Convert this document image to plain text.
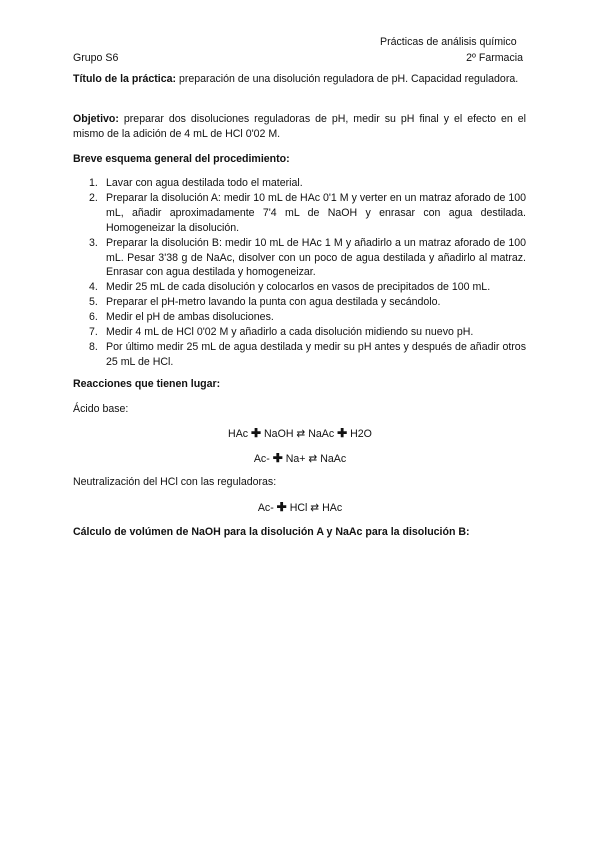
Prácticas de análisis químico
Grupo S6	2º Farmacia
Título de la práctica: preparación de una disolución reguladora de pH. Capacidad reguladora.
Objetivo: preparar dos disoluciones reguladoras de pH, medir su pH final y el efecto en el mismo de la adición de 4 mL de HCl 0'02 M.
Breve esquema general del procedimiento:
1. Lavar con agua destilada todo el material.
2. Preparar la disolución A: medir 10 mL de HAc 0'1 M y verter en un matraz aforado de 100 mL, añadir aproximadamente 7'4 mL de NaOH y enrasar con agua destilada. Homogeneizar la disolución.
3. Preparar la disolución B: medir 10 mL de HAc 1 M y añadirlo a un matraz aforado de 100 mL. Pesar 3'38 g de NaAc, disolver con un poco de agua destilada y añadirlo al matraz. Enrasar con agua destilada y homogeneizar.
4. Medir 25 mL de cada disolución y colocarlos en vasos de precipitados de 100 mL.
5. Preparar el pH-metro lavando la punta con agua destilada y secándolo.
6. Medir el pH de ambas disoluciones.
7. Medir 4 mL de HCl 0'02 M y añadirlo a cada disolución midiendo su nuevo pH.
8. Por último medir 25 mL de agua destilada y medir su pH antes y después de añadir otros 25 mL de HCl.
Reacciones que tienen lugar:
Ácido base:
HAc ✚ NaOH ⇄ NaAc ✚ H2O
Ac- ✚ Na+ ⇄ NaAc
Neutralización del HCl con las reguladoras:
Ac- ✚ HCl ⇄ HAc
Cálculo de volúmen de NaOH para la disolución A y NaAc para la disolución B:
